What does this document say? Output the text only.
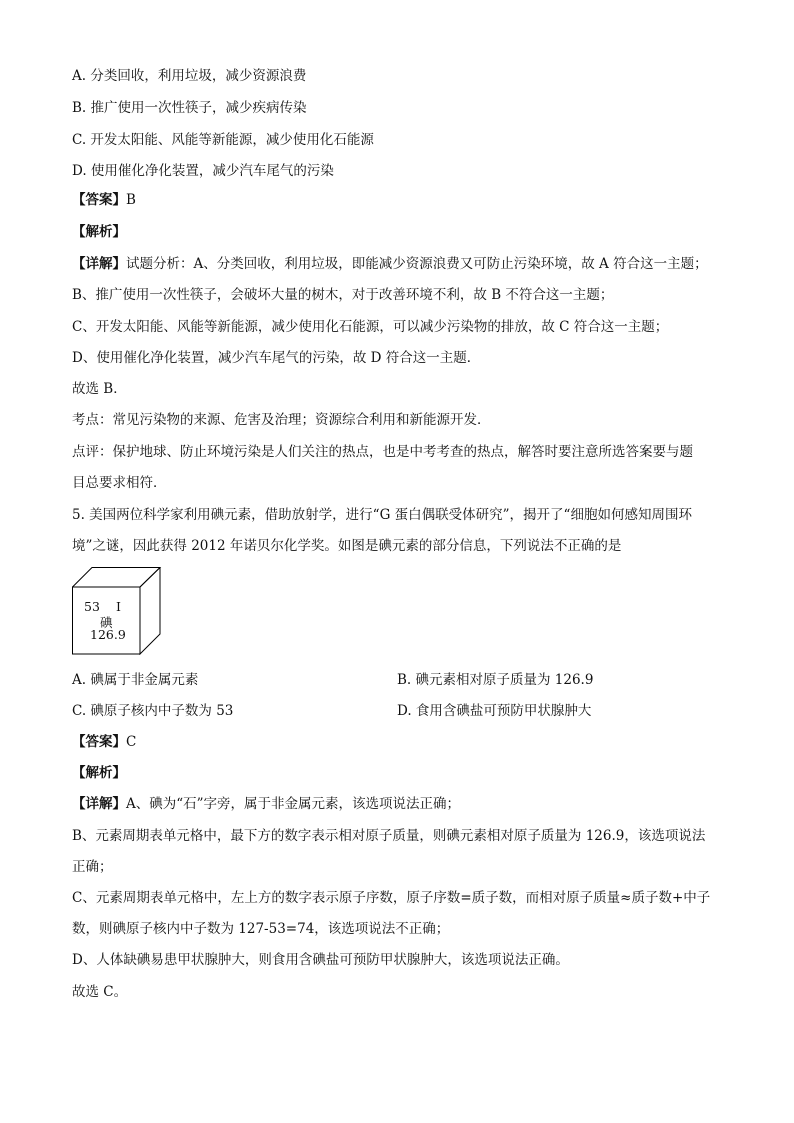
A. 分类回收，利用垃圾，减少资源浪费
B. 推广使用一次性筷子，减少疾病传染
C. 开发太阳能、风能等新能源，减少使用化石能源
D. 使用催化净化装置，减少汽车尾气的污染
【答案】B
【解析】
【详解】试题分析：A、分类回收，利用垃圾，即能减少资源浪费又可防止污染环境，故 A 符合这一主题；
B、推广使用一次性筷子，会破坏大量的树木，对于改善环境不利，故 B 不符合这一主题；
C、开发太阳能、风能等新能源，减少使用化石能源，可以减少污染物的排放，故 C 符合这一主题；
D、使用催化净化装置，减少汽车尾气的污染，故 D 符合这一主题．
故选 B．
考点：常见污染物的来源、危害及治理；资源综合利用和新能源开发．
点评：保护地球、防止环境污染是人们关注的热点，也是中考考查的热点，解答时要注意所选答案要与题
目总要求相符．
5. 美国两位科学家利用碘元素，借助放射学，进行“G 蛋白偶联受体研究”，揭开了“细胞如何感知周围环
境”之谜，因此获得 2012 年诺贝尔化学奖。如图是碘元素的部分信息，下列说法不正确的是
53 I
碘
126.9
A. 碘属于非金属元素	B. 碘元素相对原子质量为 126.9
C. 碘原子核内中子数为 53	D. 食用含碘盐可预防甲状腺肿大
【答案】C
【解析】
【详解】A、碘为“石”字旁，属于非金属元素，该选项说法正确；
B、元素周期表单元格中，最下方的数字表示相对原子质量，则碘元素相对原子质量为 126.9，该选项说法
正确；
C、元素周期表单元格中，左上方的数字表示原子序数，原子序数=质子数，而相对原子质量≈质子数+中子
数，则碘原子核内中子数为 127-53=74，该选项说法不正确；
D、人体缺碘易患甲状腺肿大，则食用含碘盐可预防甲状腺肿大，该选项说法正确。
故选 C。
